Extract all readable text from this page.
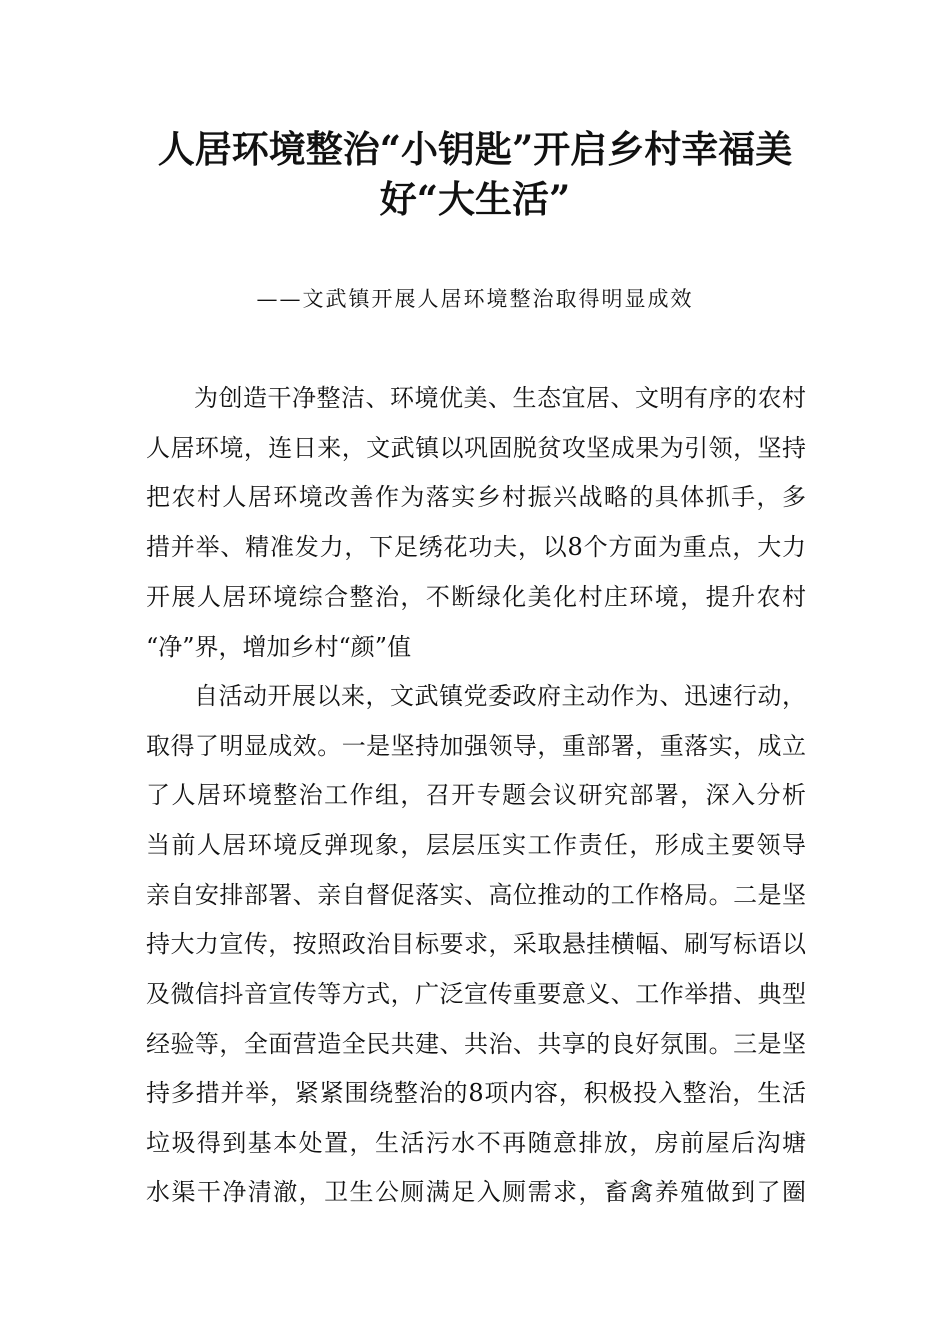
人居环境整治“小钥匙”开启乡村幸福美
好“大生活”

——文武镇开展人居环境整治取得明显成效

为创造干净整洁、环境优美、生态宜居、文明有序的农村

人居环境，连日来，文武镇以巩固脱贫攻坚成果为引领，坚持

把农村人居环境改善作为落实乡村振兴战略的具体抓手，多

措并举、精准发力，下足绣花功夫，以8个方面为重点，大力

开展人居环境综合整治，不断绿化美化村庄环境，提升农村

“净”界，增加乡村“颜”值

自活动开展以来，文武镇党委政府主动作为、迅速行动，

取得了明显成效。一是坚持加强领导，重部署，重落实，成立

了人居环境整治工作组，召开专题会议研究部署，深入分析

当前人居环境反弹现象，层层压实工作责任，形成主要领导

亲自安排部署、亲自督促落实、高位推动的工作格局。二是坚

持大力宣传，按照政治目标要求，采取悬挂横幅、刷写标语以

及微信抖音宣传等方式，广泛宣传重要意义、工作举措、典型

经验等，全面营造全民共建、共治、共享的良好氛围。三是坚

持多措并举，紧紧围绕整治的8项内容，积极投入整治，生活

垃圾得到基本处置，生活污水不再随意排放，房前屋后沟塘

水渠干净清澈，卫生公厕满足入厕需求，畜禽养殖做到了圈
